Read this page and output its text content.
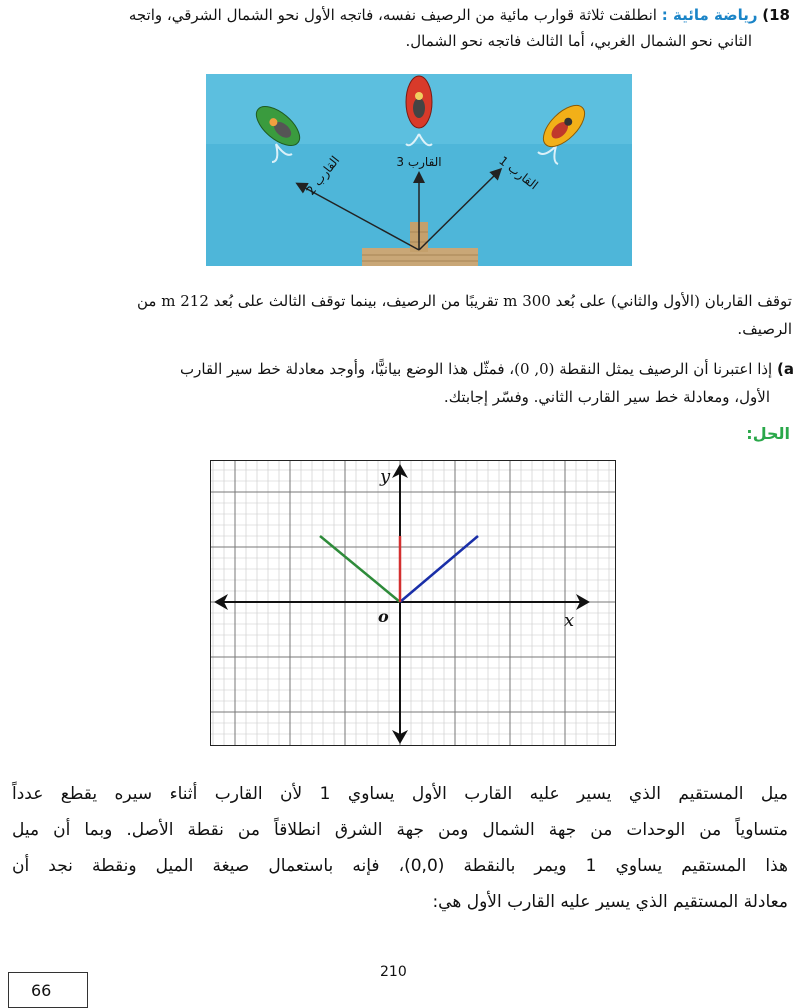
18) رياضة مائية : انطلقت ثلاثة قوارب مائية من الرصيف نفسه، فاتجه الأول نحو الشمال الشرقي، واتجه
الثاني نحو الشمال الغربي، أما الثالث فاتجه نحو الشمال.
القارب 3	القارب 1
القارب 2
توقف القاربان (الأول والثاني) على بُعد 300 m تقريبًا من الرصيف، بينما توقف الثالث على بُعد 212 m من
الرصيف.
a) إذا اعتبرنا أن الرصيف يمثل النقطة (0, 0)، فمثّل هذا الوضع بيانيًّا، وأوجد معادلة خط سير القارب
الأول، ومعادلة خط سير القارب الثاني. وفسّر إجابتك.
الحل:
y
x
o
ميل المستقيم الذي يسير عليه القارب الأول يساوي 1 لأن القارب أثناء سيره يقطع عدداً
متساوياً من الوحدات من جهة الشمال ومن جهة الشرق انطلاقاً من نقطة الأصل. وبما أن ميل
هذا المستقيم يساوي 1 ويمر بالنقطة (0,0)، فإنه باستعمال صيغة الميل ونقطة نجد أن
معادلة المستقيم الذي يسير عليه القارب الأول هي:
210
66
